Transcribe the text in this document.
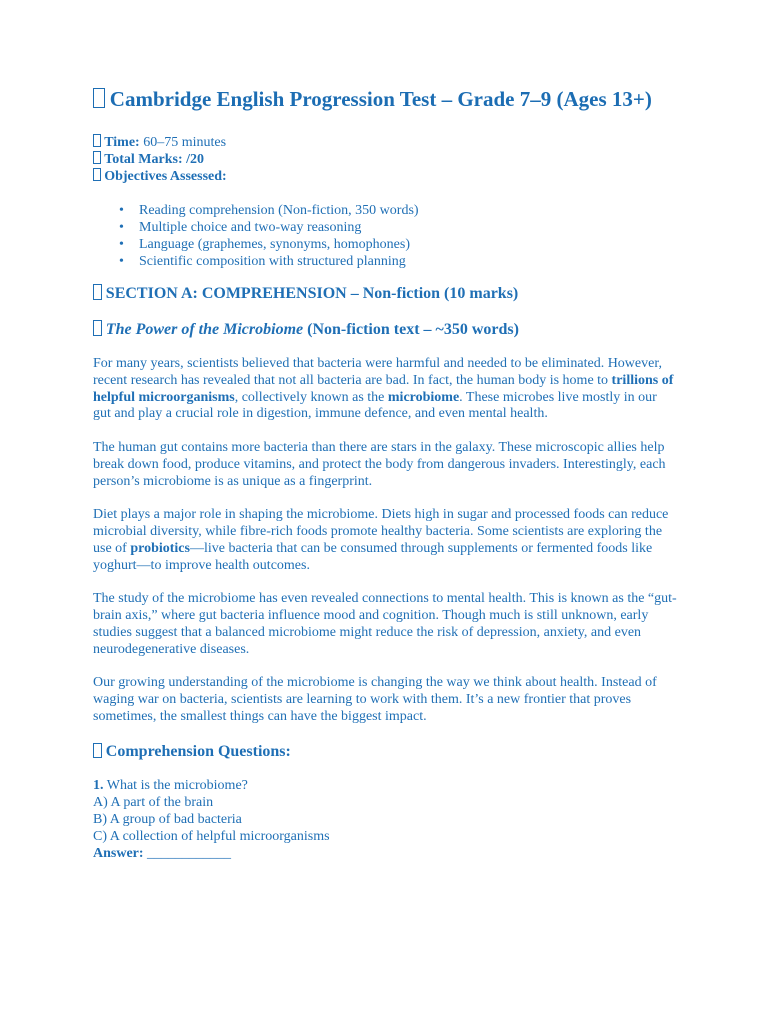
Cambridge English Progression Test – Grade 7–9 (Ages 13+)
Time: 60–75 minutes
Total Marks: /20
Objectives Assessed:
• Reading comprehension (Non-fiction, 350 words)
• Multiple choice and two-way reasoning
• Language (graphemes, synonyms, homophones)
• Scientific composition with structured planning
SECTION A: COMPREHENSION – Non-fiction (10 marks)
The Power of the Microbiome (Non-fiction text – ~350 words)

For many years, scientists believed that bacteria were harmful and needed to be eliminated. However, recent research has revealed that not all bacteria are bad. In fact, the human body is home to trillions of helpful microorganisms, collectively known as the microbiome. These microbes live mostly in our gut and play a crucial role in digestion, immune defence, and even mental health.

The human gut contains more bacteria than there are stars in the galaxy. These microscopic allies help break down food, produce vitamins, and protect the body from dangerous invaders. Interestingly, each person’s microbiome is as unique as a fingerprint.

Diet plays a major role in shaping the microbiome. Diets high in sugar and processed foods can reduce microbial diversity, while fibre-rich foods promote healthy bacteria. Some scientists are exploring the use of probiotics—live bacteria that can be consumed through supplements or fermented foods like yoghurt—to improve health outcomes.

The study of the microbiome has even revealed connections to mental health. This is known as the “gut-brain axis,” where gut bacteria influence mood and cognition. Though much is still unknown, early studies suggest that a balanced microbiome might reduce the risk of depression, anxiety, and even neurodegenerative diseases.

Our growing understanding of the microbiome is changing the way we think about health. Instead of waging war on bacteria, scientists are learning to work with them. It’s a new frontier that proves sometimes, the smallest things can have the biggest impact.

Comprehension Questions:
1. What is the microbiome?
A) A part of the brain
B) A group of bad bacteria
C) A collection of helpful microorganisms
Answer: ____________
